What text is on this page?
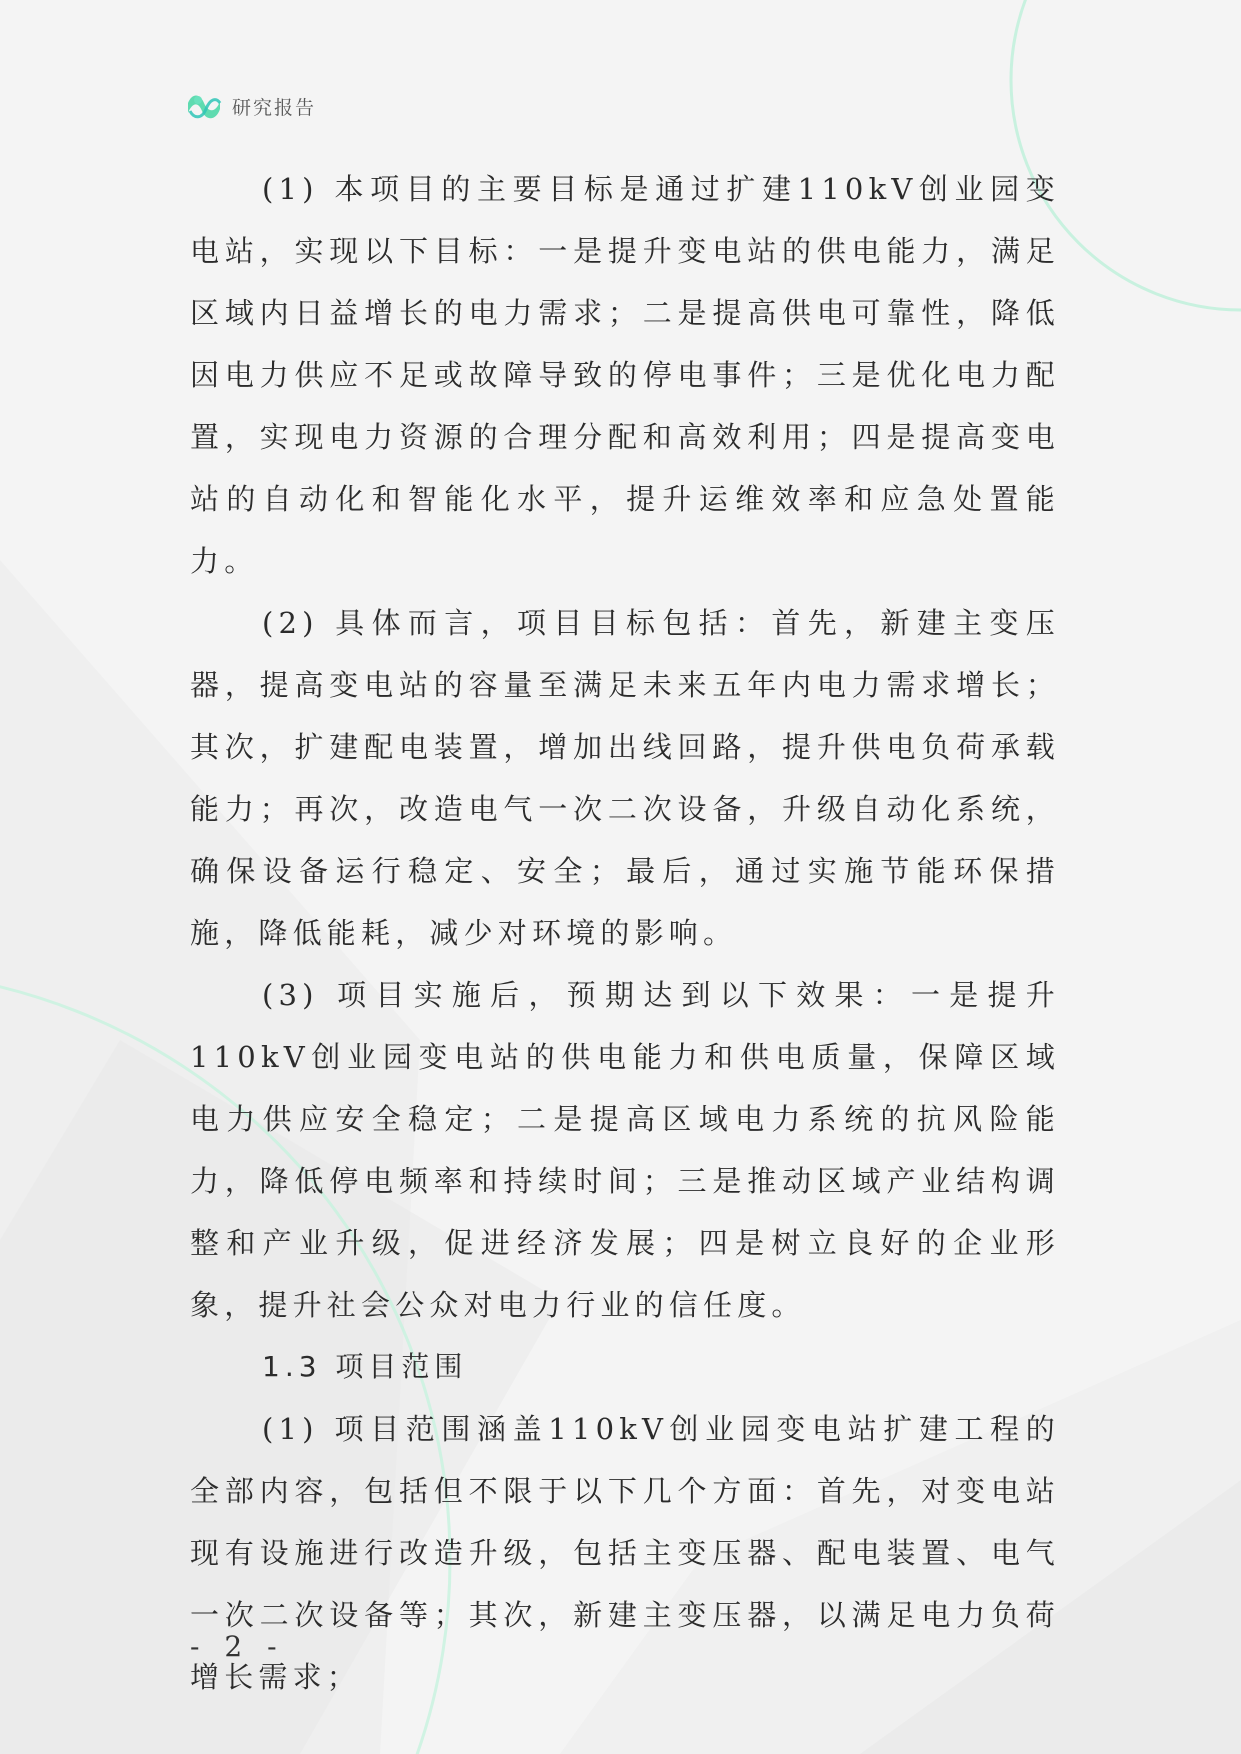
研究报告

(1) 本项目的主要目标是通过扩建110kV创业园变电站，实现以下目标：一是提升变电站的供电能力，满足区域内日益增长的电力需求；二是提高供电可靠性，降低因电力供应不足或故障导致的停电事件；三是优化电力配置，实现电力资源的合理分配和高效利用；四是提高变电站的自动化和智能化水平，提升运维效率和应急处置能力。

(2) 具体而言，项目目标包括：首先，新建主变压器，提高变电站的容量至满足未来五年内电力需求增长；其次，扩建配电装置，增加出线回路，提升供电负荷承载能力；再次，改造电气一次二次设备，升级自动化系统，确保设备运行稳定、安全；最后，通过实施节能环保措施，降低能耗，减少对环境的影响。

(3) 项目实施后，预期达到以下效果：一是提升110kV创业园变电站的供电能力和供电质量，保障区域电力供应安全稳定；二是提高区域电力系统的抗风险能力，降低停电频率和持续时间；三是推动区域产业结构调整和产业升级，促进经济发展；四是树立良好的企业形象，提升社会公众对电力行业的信任度。

1.3 项目范围

(1) 项目范围涵盖110kV创业园变电站扩建工程的全部内容，包括但不限于以下几个方面：首先，对变电站现有设施进行改造升级，包括主变压器、配电装置、电气一次二次设备等；其次，新建主变压器，以满足电力负荷增长需求；

- 2 -
